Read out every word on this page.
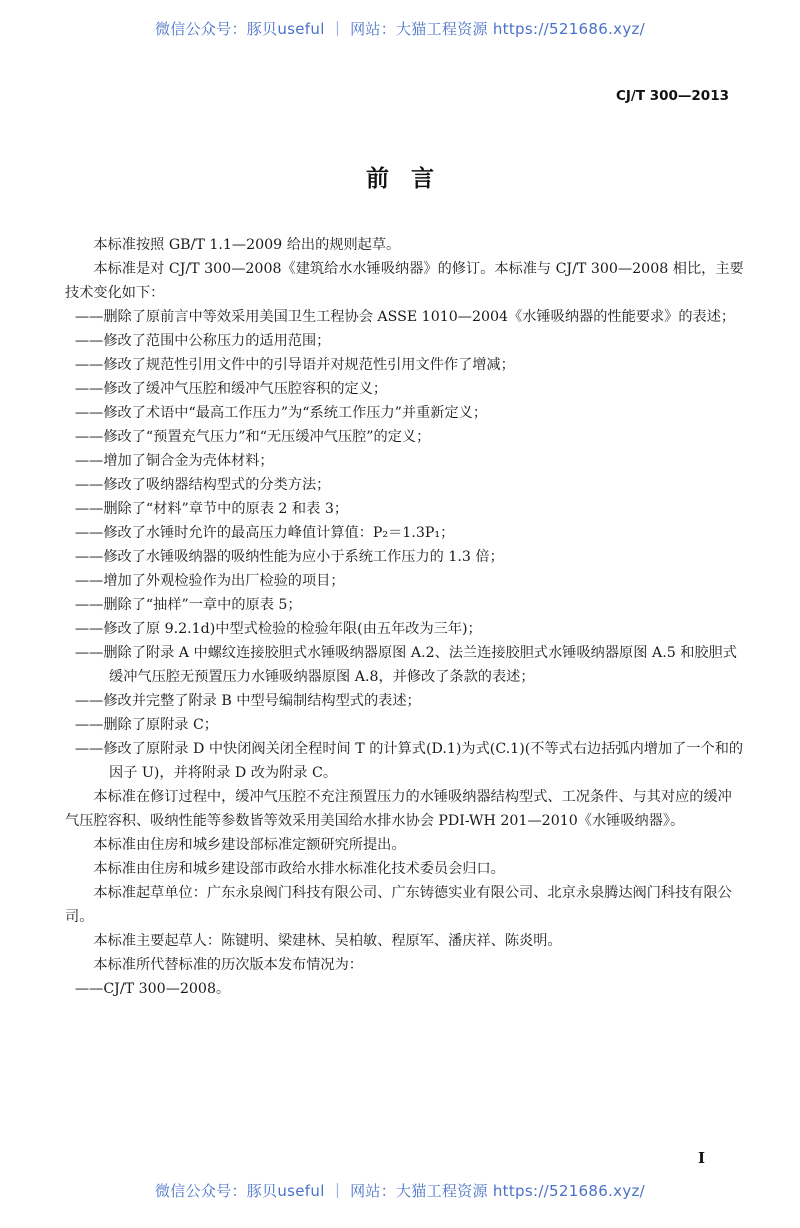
微信公众号：豚贝useful ｜ 网站：大猫工程资源 https://521686.xyz/
CJ/T 300—2013
前言

本标准按照 GB/T 1.1—2009 给出的规则起草。

本标准是对 CJ/T 300—2008《建筑给水水锤吸纳器》的修订。本标准与 CJ/T 300—2008 相比，主要技术变化如下：

——删除了原前言中等效采用美国卫生工程协会 ASSE 1010—2004《水锤吸纳器的性能要求》的表述；

——修改了范围中公称压力的适用范围；

——修改了规范性引用文件中的引导语并对规范性引用文件作了增减；

——修改了缓冲气压腔和缓冲气压腔容积的定义；

——修改了术语中“最高工作压力”为“系统工作压力”并重新定义；

——修改了“预置充气压力”和“无压缓冲气压腔”的定义；

——增加了铜合金为壳体材料；

——修改了吸纳器结构型式的分类方法；

——删除了“材料”章节中的原表 2 和表 3；

——修改了水锤时允许的最高压力峰值计算值：P₂＝1.3P₁；

——修改了水锤吸纳器的吸纳性能为应小于系统工作压力的 1.3 倍；

——增加了外观检验作为出厂检验的项目；

——删除了“抽样”一章中的原表 5；

——修改了原 9.2.1d)中型式检验的检验年限(由五年改为三年)；

——删除了附录 A 中螺纹连接胶胆式水锤吸纳器原图 A.2、法兰连接胶胆式水锤吸纳器原图 A.5 和胶胆式缓冲气压腔无预置压力水锤吸纳器原图 A.8，并修改了条款的表述；

——修改并完整了附录 B 中型号编制结构型式的表述；

——删除了原附录 C；

——修改了原附录 D 中快闭阀关闭全程时间 T 的计算式(D.1)为式(C.1)(不等式右边括弧内增加了一个和的因子 U)，并将附录 D 改为附录 C。

本标准在修订过程中，缓冲气压腔不充注预置压力的水锤吸纳器结构型式、工况条件、与其对应的缓冲气压腔容积、吸纳性能等参数皆等效采用美国给水排水协会 PDI-WH 201—2010《水锤吸纳器》。

本标准由住房和城乡建设部标准定额研究所提出。

本标准由住房和城乡建设部市政给水排水标准化技术委员会归口。

本标准起草单位：广东永泉阀门科技有限公司、广东铸德实业有限公司、北京永泉腾达阀门科技有限公司。

本标准主要起草人：陈键明、梁建林、吴柏敏、程原军、潘庆祥、陈炎明。

本标准所代替标准的历次版本发布情况为：

——CJ/T 300—2008。

I
微信公众号：豚贝useful ｜ 网站：大猫工程资源 https://521686.xyz/
